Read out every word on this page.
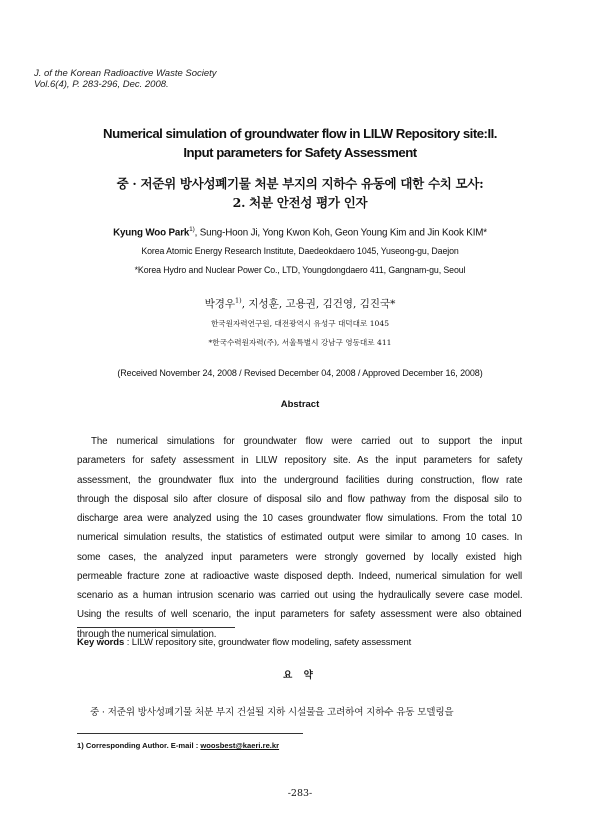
J. of the Korean Radioactive Waste Society
Vol.6(4), P. 283-296, Dec. 2008.
Numerical simulation of groundwater flow in LILW Repository site:II.
Input parameters for Safety Assessment
중 · 저준위 방사성폐기물 처분 부지의 지하수 유동에 대한 수치 모사:
2. 처분 안전성 평가 인자
Kyung Woo Park$^{1)}$, Sung-Hoon Ji, Yong Kwon Koh, Geon Young Kim and Jin Kook KIM*
Korea Atomic Energy Research Institute, Daedeokdaero 1045, Yuseong-gu, Daejon
*Korea Hydro and Nuclear Power Co., LTD, Youngdongdaero 411, Gangnam-gu, Seoul
박경우$^{1)}$, 지성훈, 고용권, 김건영, 김진국*
한국원자력연구원, 대전광역시 유성구 대덕대로 1045
*한국수력원자력(주), 서울특별시 강남구 영동대로 411
(Received November 24, 2008 / Revised December 04, 2008 / Approved December 16, 2008)
Abstract
The numerical simulations for groundwater flow were carried out to support the input
parameters for safety assessment in LILW repository site. As the input parameters for safety
assessment, the groundwater flux into the underground facilities during construction, flow rate
through the disposal silo after closure of disposal silo and flow pathway from the disposal silo to
discharge area were analyzed using the 10 cases groundwater flow simulations. From the total 10
numerical simulation results, the statistics of estimated output were similar to among 10 cases. In
some cases, the analyzed input parameters were strongly governed by locally existed high
permeable fracture zone at radioactive waste disposed depth. Indeed, numerical simulation for well
scenario as a human intrusion scenario was carried out using the hydraulically severe case model.
Using the results of well scenario, the input parameters for safety assessment were also obtained
through the numerical simulation.
Key words : LILW repository site, groundwater flow modeling, safety assessment
요 약
중 · 저준위 방사성폐기물 처분 부지 건설될 지하 시설물을 고려하여 지하수 유동 모델링을
1) Corresponding Author. E-mail : woosbest@kaeri.re.kr
-283-
